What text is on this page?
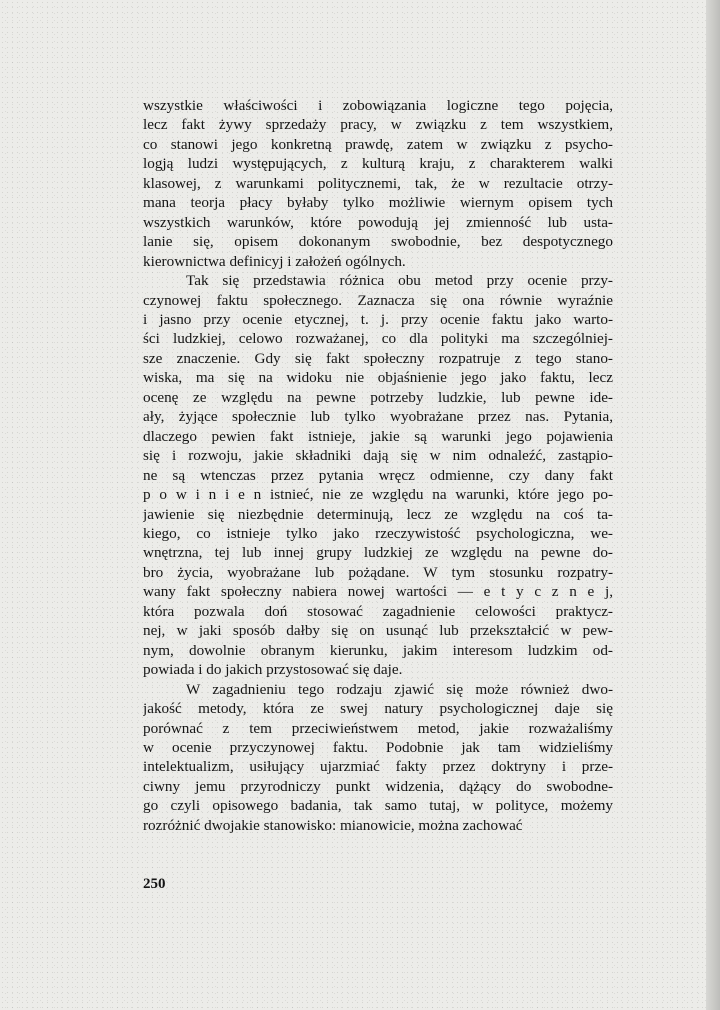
wszystkie właściwości i zobowiązania logiczne tego pojęcia,
lecz fakt żywy sprzedaży pracy, w związku z tem wszystkiem,
co stanowi jego konkretną prawdę, zatem w związku z psycho-
logją ludzi występujących, z kulturą kraju, z charakterem walki
klasowej, z warunkami politycznemi, tak, że w rezultacie otrzy-
mana teorja płacy byłaby tylko możliwie wiernym opisem tych
wszystkich warunków, które powodują jej zmienność lub usta-
lanie się, opisem dokonanym swobodnie, bez despotycznego
kierownictwa definicyj i założeń ogólnych.
Tak się przedstawia różnica obu metod przy ocenie przy-
czynowej faktu społecznego. Zaznacza się ona równie wyraźnie
i jasno przy ocenie etycznej, t. j. przy ocenie faktu jako warto-
ści ludzkiej, celowo rozważanej, co dla polityki ma szczególniej-
sze znaczenie. Gdy się fakt społeczny rozpatruje z tego stano-
wiska, ma się na widoku nie objaśnienie jego jako faktu, lecz
ocenę ze względu na pewne potrzeby ludzkie, lub pewne ide-
ały, żyjące społecznie lub tylko wyobrażane przez nas. Pytania,
dlaczego pewien fakt istnieje, jakie są warunki jego pojawienia
się i rozwoju, jakie składniki dają się w nim odnaleźć, zastąpio-
ne są wtenczas przez pytania wręcz odmienne, czy dany fakt
p o w i n i e n istnieć, nie ze względu na warunki, które jego po-
jawienie się niezbędnie determinują, lecz ze względu na coś ta-
kiego, co istnieje tylko jako rzeczywistość psychologiczna, we-
wnętrzna, tej lub innej grupy ludzkiej ze względu na pewne do-
bro życia, wyobrażane lub pożądane. W tym stosunku rozpatry-
wany fakt społeczny nabiera nowej wartości — e t y c z n e j,
która pozwala doń stosować zagadnienie celowości praktycz-
nej, w jaki sposób dałby się on usunąć lub przekształcić w pew-
nym, dowolnie obranym kierunku, jakim interesom ludzkim od-
powiada i do jakich przystosować się daje.
W zagadnieniu tego rodzaju zjawić się może również dwo-
jakość metody, która ze swej natury psychologicznej daje się
porównać z tem przeciwieństwem metod, jakie rozważaliśmy
w ocenie przyczynowej faktu. Podobnie jak tam widzieliśmy
intelektualizm, usiłujący ujarzmiać fakty przez doktryny i prze-
ciwny jemu przyrodniczy punkt widzenia, dążący do swobodne-
go czyli opisowego badania, tak samo tutaj, w polityce, możemy
rozróżnić dwojakie stanowisko: mianowicie, można zachować
250
